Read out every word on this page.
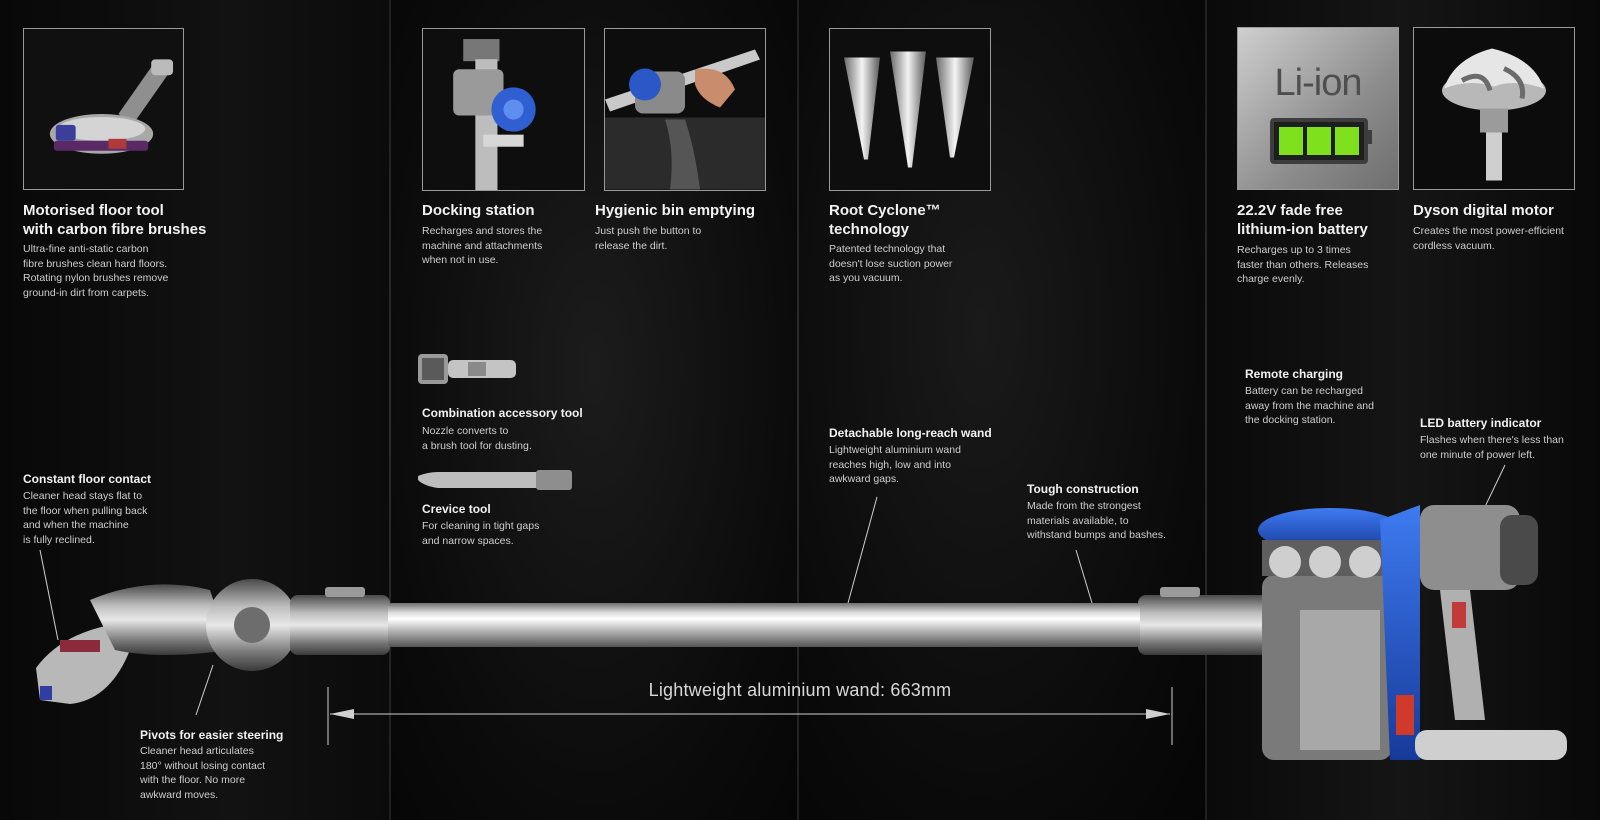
Motorised floor tool
with carbon fibre brushes
Ultra-fine anti-static carbon
fibre brushes clean hard floors.
Rotating nylon brushes remove
ground-in dirt from carpets.
Constant floor contact
Cleaner head stays flat to
the floor when pulling back
and when the machine
is fully reclined.
Pivots for easier steering
Cleaner head articulates
180° without losing contact
with the floor. No more
awkward moves.
Docking station
Recharges and stores the
machine and attachments
when not in use.
Hygienic bin emptying
Just push the button to
release the dirt.
Combination accessory tool
Nozzle converts to
a brush tool for dusting.
Crevice tool
For cleaning in tight gaps
and narrow spaces.
Root Cyclone™
technology
Patented technology that
doesn't lose suction power
as you vacuum.
Detachable long-reach wand
Lightweight aluminium wand
reaches high, low and into
awkward gaps.
Tough construction
Made from the strongest
materials available, to
withstand bumps and bashes.
Li-ion
22.2V fade free
lithium-ion battery
Recharges up to 3 times
faster than others. Releases
charge evenly.
Dyson digital motor
Creates the most power-efficient
cordless vacuum.
Remote charging
Battery can be recharged
away from the machine and
the docking station.	LED battery indicator
Flashes when there's less than
one minute of power left.
Lightweight aluminium wand: 663mm
